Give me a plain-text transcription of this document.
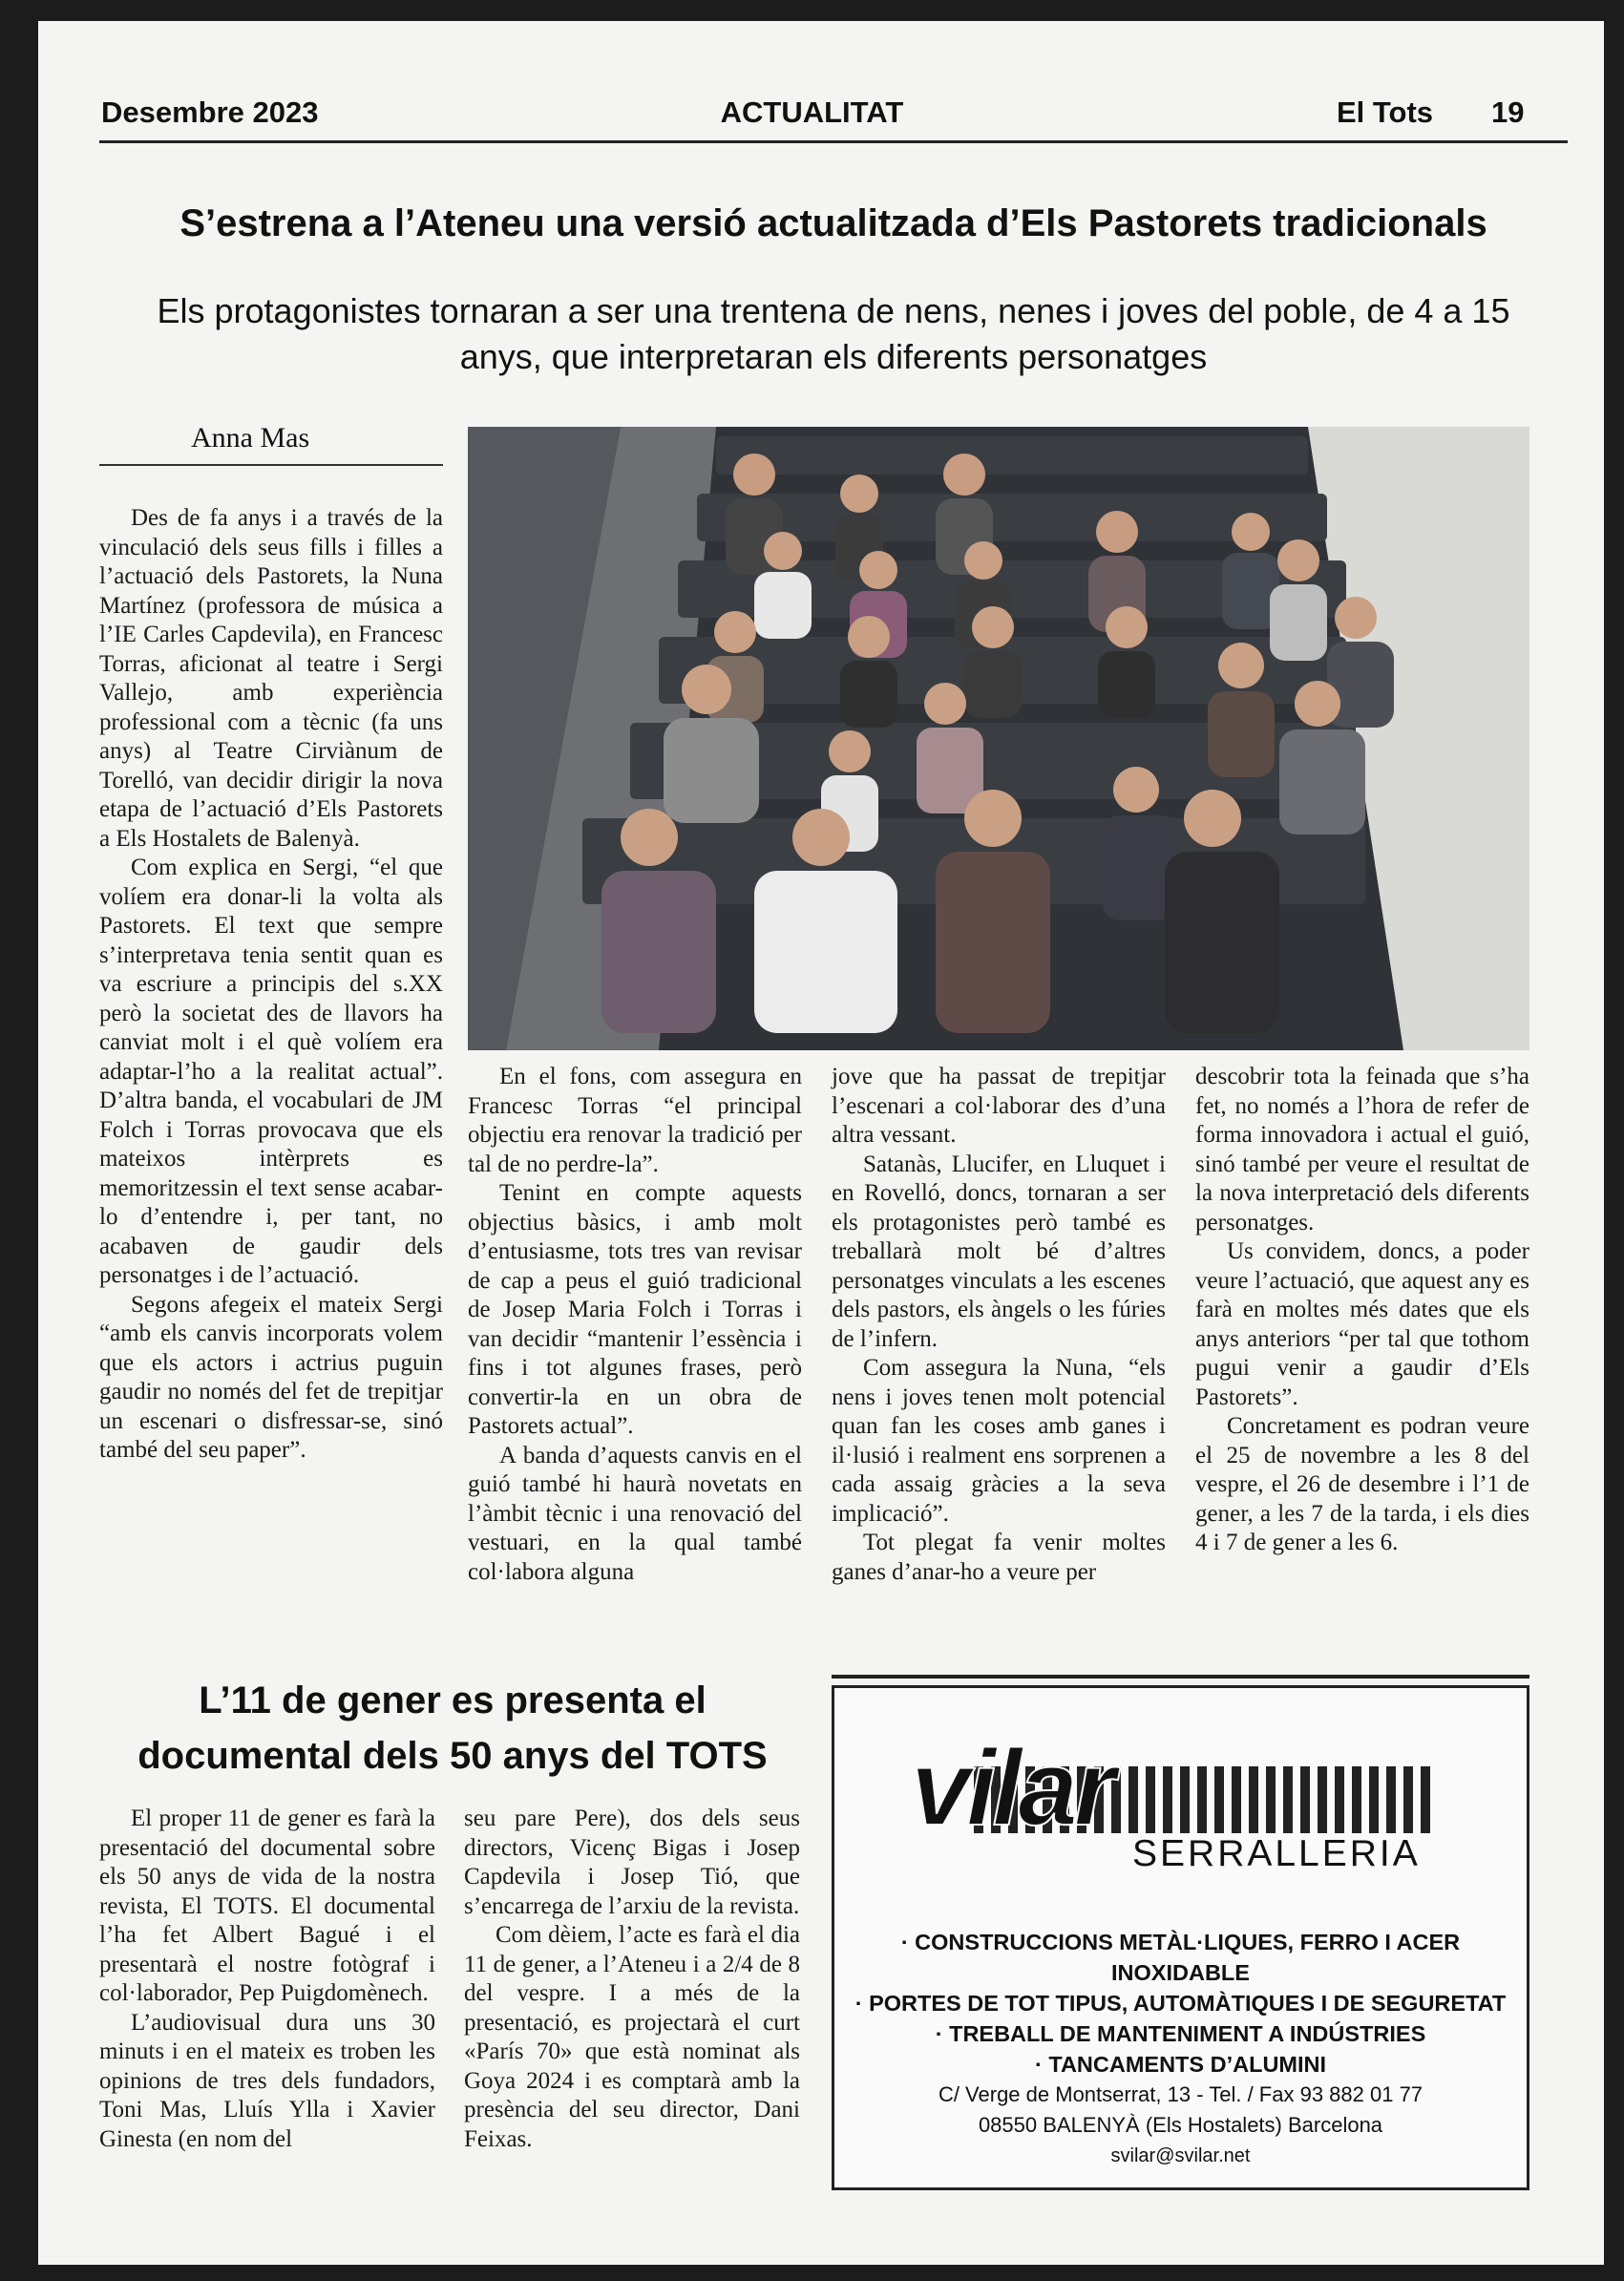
Desembre 2023	ACTUALITAT	El Tots 19
S’estrena a l’Ateneu una versió actualitzada d’Els Pastorets tradicionals
Els protagonistes tornaran a ser una trentena de nens, nenes i joves del poble, de 4 a 15 anys, que interpretaran els diferents personatges
Anna Mas

Des de fa anys i a través de la vinculació dels seus fills i filles a l’actuació dels Pastorets, la Nuna Martínez (professora de música a l’IE Carles Capdevila), en Francesc Torras, aficionat al teatre i Sergi Vallejo, amb experiència professional com a tècnic (fa uns anys) al Teatre Cirviànum de Torelló, van decidir dirigir la nova etapa de l’actuació d’Els Pastorets a Els Hostalets de Balenyà.

Com explica en Sergi, “el que volíem era donar-li la volta als Pastorets. El text que sempre s’interpretava tenia sentit quan es va escriure a principis del s.XX però la societat des de llavors ha canviat molt i el què volíem era adaptar-l’ho a la realitat actual”. D’altra banda, el vocabulari de JM Folch i Torras provocava que els mateixos intèrprets es memoritzessin el text sense acabar-lo d’entendre i, per tant, no acabaven de gaudir dels personatges i de l’actuació.

Segons afegeix el mateix Sergi “amb els canvis incorporats volem que els actors i actrius puguin gaudir no només del fet de trepitjar un escenari o disfressar-se, sinó també del seu paper”.

En el fons, com assegura en Francesc Torras “el principal objectiu era renovar la tradició per tal de no perdre-la”.

Tenint en compte aquests objectius bàsics, i amb molt d’entusiasme, tots tres van revisar de cap a peus el guió tradicional de Josep Maria Folch i Torras i van decidir “mantenir l’essència i fins i tot algunes frases, però convertir-la en un obra de Pastorets actual”.

A banda d’aquests canvis en el guió també hi haurà novetats en l’àmbit tècnic i una renovació del vestuari, en la qual també col·labora alguna

jove que ha passat de trepitjar l’escenari a col·laborar des d’una altra vessant.

Satanàs, Llucifer, en Lluquet i en Rovelló, doncs, tornaran a ser els protagonistes però també es treballarà molt bé d’altres personatges vinculats a les escenes dels pastors, els àngels o les fúries de l’infern.

Com assegura la Nuna, “els nens i joves tenen molt potencial quan fan les coses amb ganes i il·lusió i realment ens sorprenen a cada assaig gràcies a la seva implicació”.

Tot plegat fa venir moltes ganes d’anar-ho a veure per

descobrir tota la feinada que s’ha fet, no només a l’hora de refer de forma innovadora i actual el guió, sinó també per veure el resultat de la nova interpretació dels diferents personatges.

Us convidem, doncs, a poder veure l’actuació, que aquest any es farà en moltes més dates que els anys anteriors “per tal que tothom pugui venir a gaudir d’Els Pastorets”.

Concretament es podran veure el 25 de novembre a les 8 del vespre, el 26 de desembre i l’1 de gener, a les 7 de la tarda, i els dies 4 i 7 de gener a les 6.

L’11 de gener es presenta el
documental dels 50 anys del TOTS

El proper 11 de gener es farà la presentació del documental sobre els 50 anys de vida de la nostra revista, El TOTS. El documental l’ha fet Albert Bagué i el presentarà el nostre fotògraf i col·laborador, Pep Puigdomènech.

L’audiovisual dura uns 30 minuts i en el mateix es troben les opinions de tres dels fundadors, Toni Mas, Lluís Ylla i Xavier Ginesta (en nom del

seu pare Pere), dos dels seus directors, Vicenç Bigas i Josep Capdevila i Josep Tió, que s’encarrega de l’arxiu de la revista.

Com dèiem, l’acte es farà el dia 11 de gener, a l’Ateneu i a 2/4 de 8 del vespre. I a més de la presentació, es projectarà el curt «París 70» que està nominat als Goya 2024 i es comptarà amb la presència del seu director, Dani Feixas.

vilar
SERRALLERIA
· CONSTRUCCIONS METÀL·LIQUES, FERRO I ACER INOXIDABLE
· PORTES DE TOT TIPUS, AUTOMÀTIQUES I DE SEGURETAT
· TREBALL DE MANTENIMENT A INDÚSTRIES
· TANCAMENTS D’ALUMINI
C/ Verge de Montserrat, 13 - Tel. / Fax 93 882 01 77
08550 BALENYÀ (Els Hostalets) Barcelona
svilar@svilar.net
